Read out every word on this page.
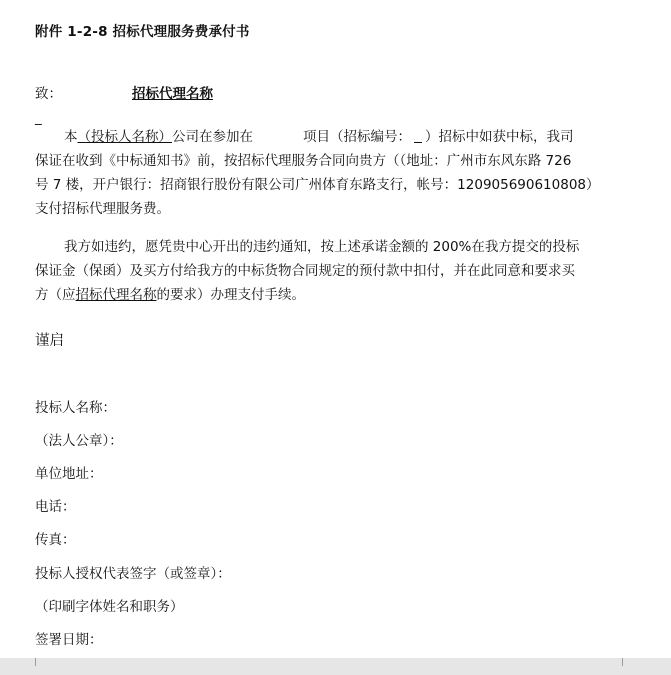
附件 1-2-8 招标代理服务费承付书
致：	招标代理名称
_
本（投标人名称）公司在参加在	项目（招标编号： ）招标中如获中标，我司
保证在收到《中标通知书》前，按招标代理服务合同向贵方（（地址：广州市东风东路 726
号 7 楼，开户银行：招商银行股份有限公司广州体育东路支行，帐号：120905690610808）
支付招标代理服务费。
我方如违约，愿凭贵中心开出的违约通知，按上述承诺金额的 200%在我方提交的投标
保证金（保函）及买方付给我方的中标货物合同规定的预付款中扣付，并在此同意和要求买
方（应招标代理名称的要求）办理支付手续。
谨启
投标人名称：
（法人公章）：
单位地址：
电话：
传真：
投标人授权代表签字（或签章）：
（印刷字体姓名和职务）
签署日期：
